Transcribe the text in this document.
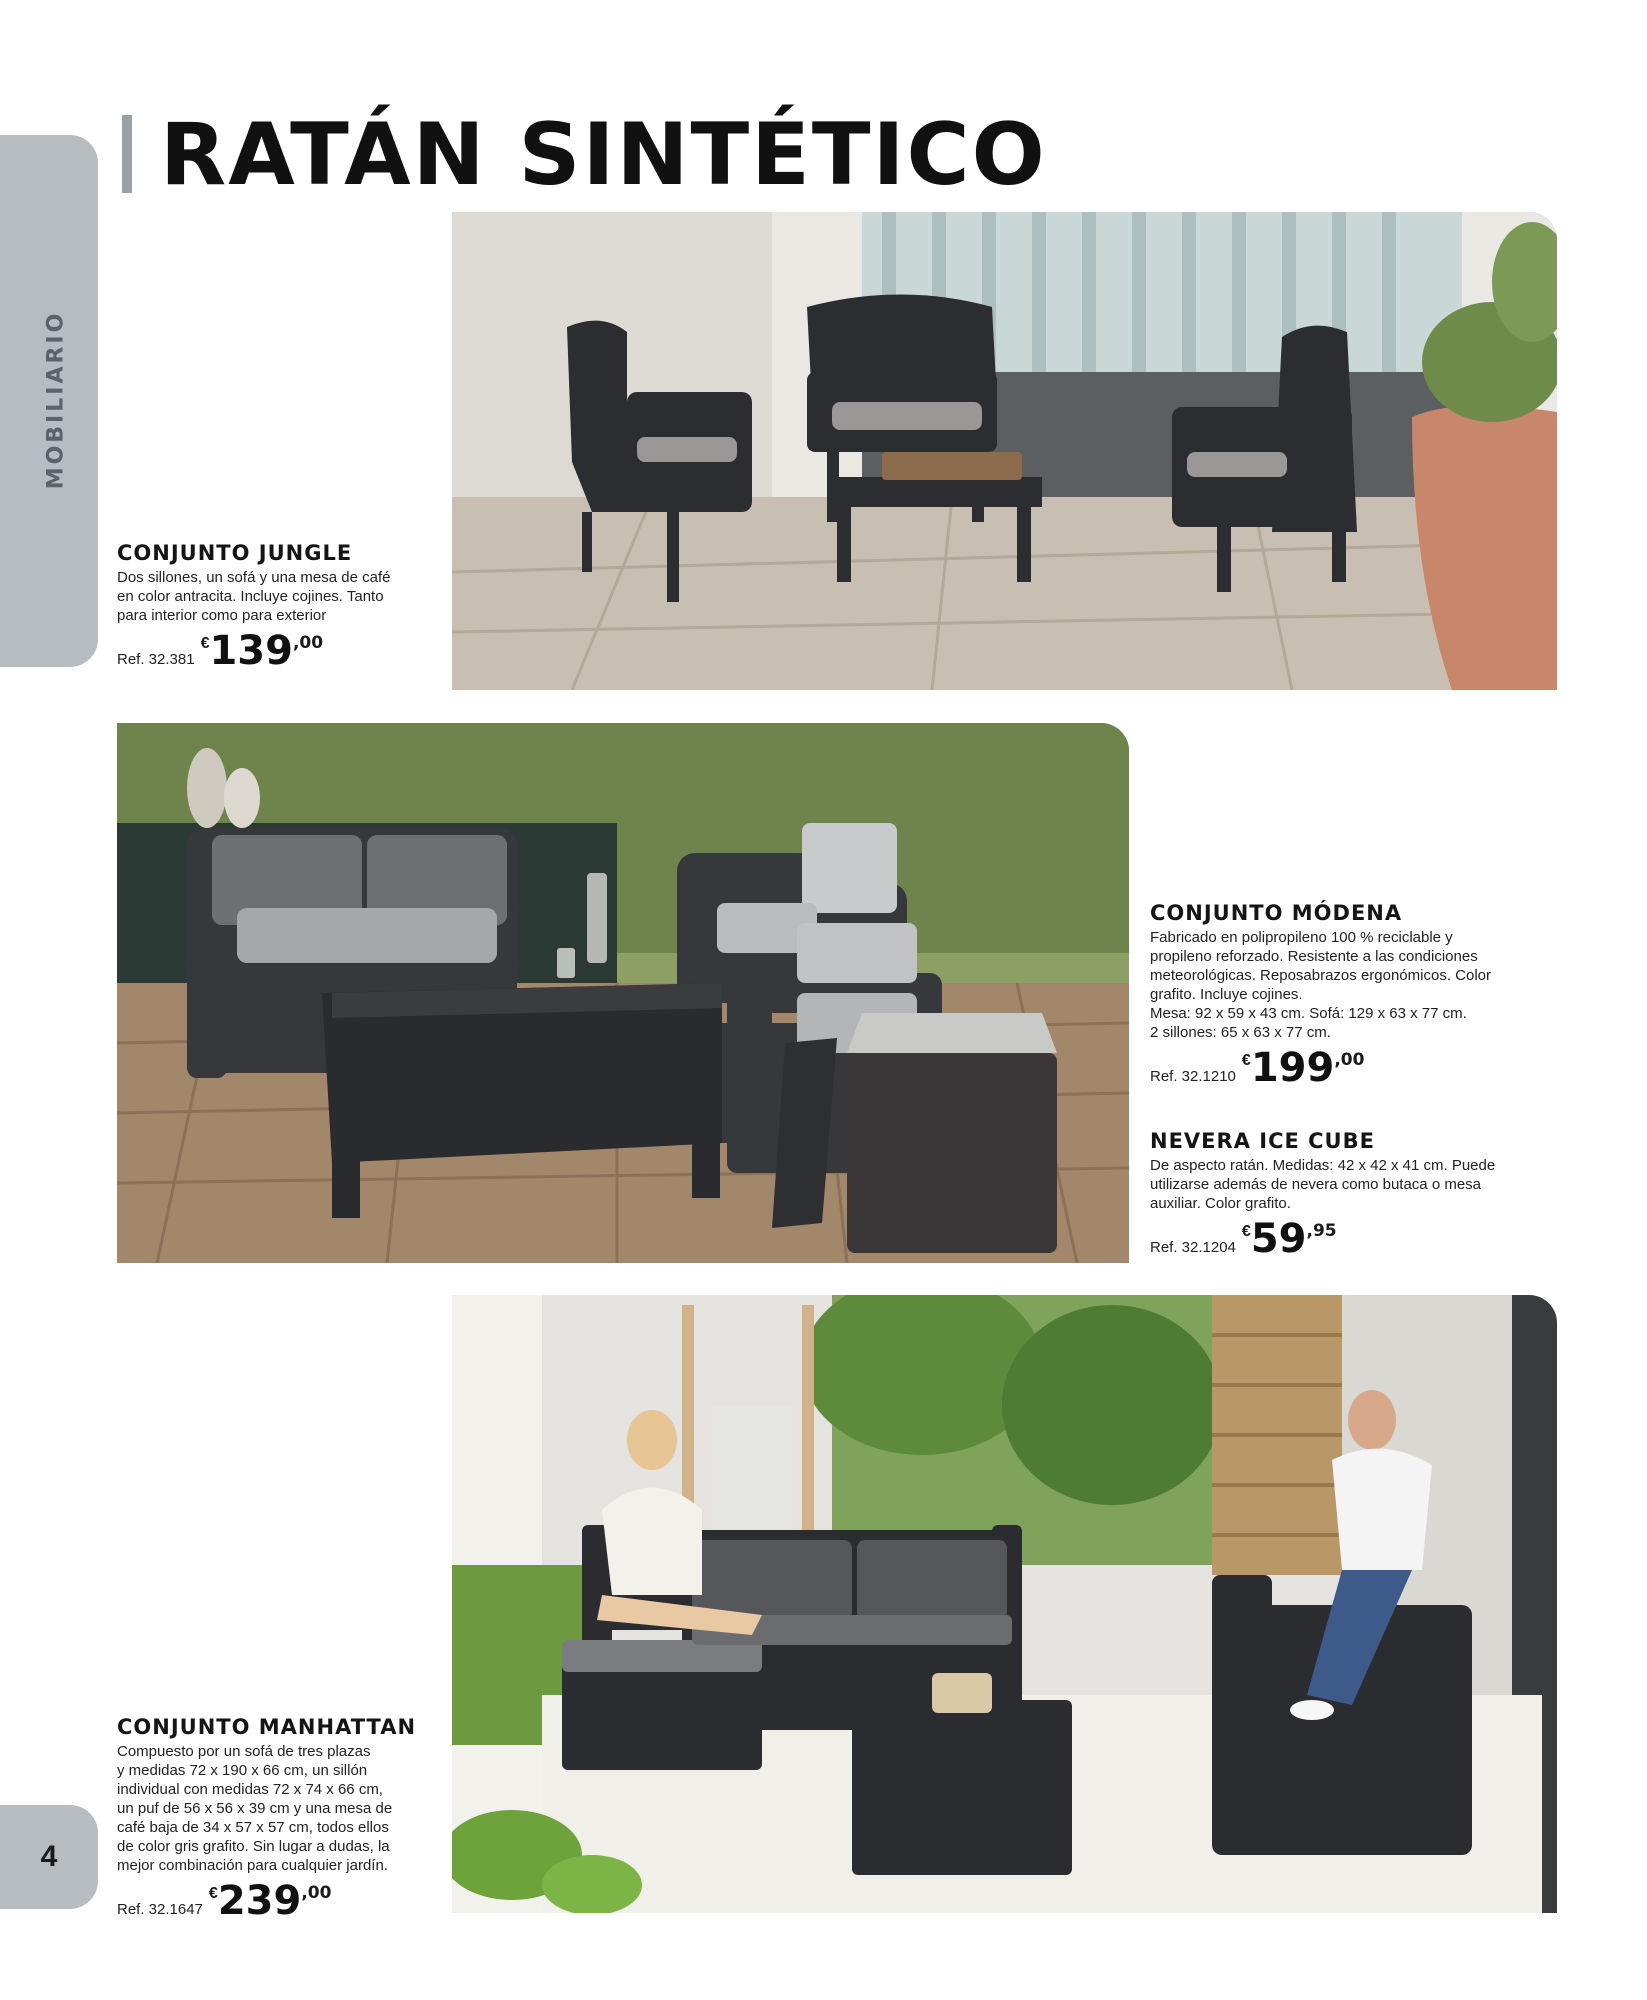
MOBILIARIO
4
RATÁN SINTÉTICO
CONJUNTO JUNGLE

Dos sillones, un sofá y una mesa de café
en color antracita. Incluye cojines. Tanto
para interior como para exterior

Ref. 32.381
€ 139 ,00
CONJUNTO MÓDENA

Fabricado en polipropileno 100 % reciclable y
propileno reforzado. Resistente a las condiciones
meteorológicas. Reposabrazos ergonómicos. Color
grafito. Incluye cojines.
Mesa: 92 x 59 x 43 cm. Sofá: 129 x 63 x 77 cm.
2 sillones: 65 x 63 x 77 cm.

Ref. 32.1210
€ 199 ,00
NEVERA ICE CUBE

De aspecto ratán. Medidas: 42 x 42 x 41 cm. Puede
utilizarse además de nevera como butaca o mesa
auxiliar. Color grafito.

Ref. 32.1204
€ 59 ,95
CONJUNTO MANHATTAN

Compuesto por un sofá de tres plazas
y medidas 72 x 190 x 66 cm, un sillón
individual con medidas 72 x 74 x 66 cm,
un puf de 56 x 56 x 39 cm y una mesa de
café baja de 34 x 57 x 57 cm, todos ellos
de color gris grafito. Sin lugar a dudas, la
mejor combinación para cualquier jardín.

Ref. 32.1647
€ 239 ,00
